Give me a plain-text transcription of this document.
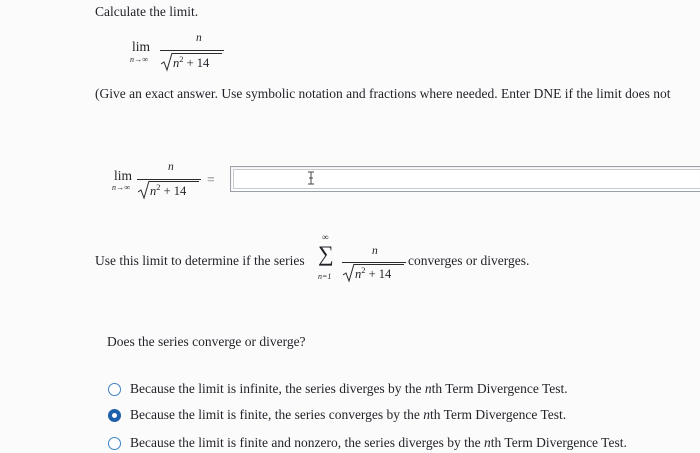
Calculate the limit.
lim
n→∞
n
$n^2 + 14$
(Give an exact answer. Use symbolic notation and fractions where needed. Enter DNE if the limit does not
lim
n→∞
n
$n^2 + 14$
=
Use this limit to determine if the series
∞
∑
n=1
n
$n^2 + 14$
converges or diverges.
Does the series converge or diverge?
Because the limit is infinite, the series diverges by the nth Term Divergence Test.
Because the limit is finite, the series converges by the nth Term Divergence Test.
Because the limit is finite and nonzero, the series diverges by the nth Term Divergence Test.
